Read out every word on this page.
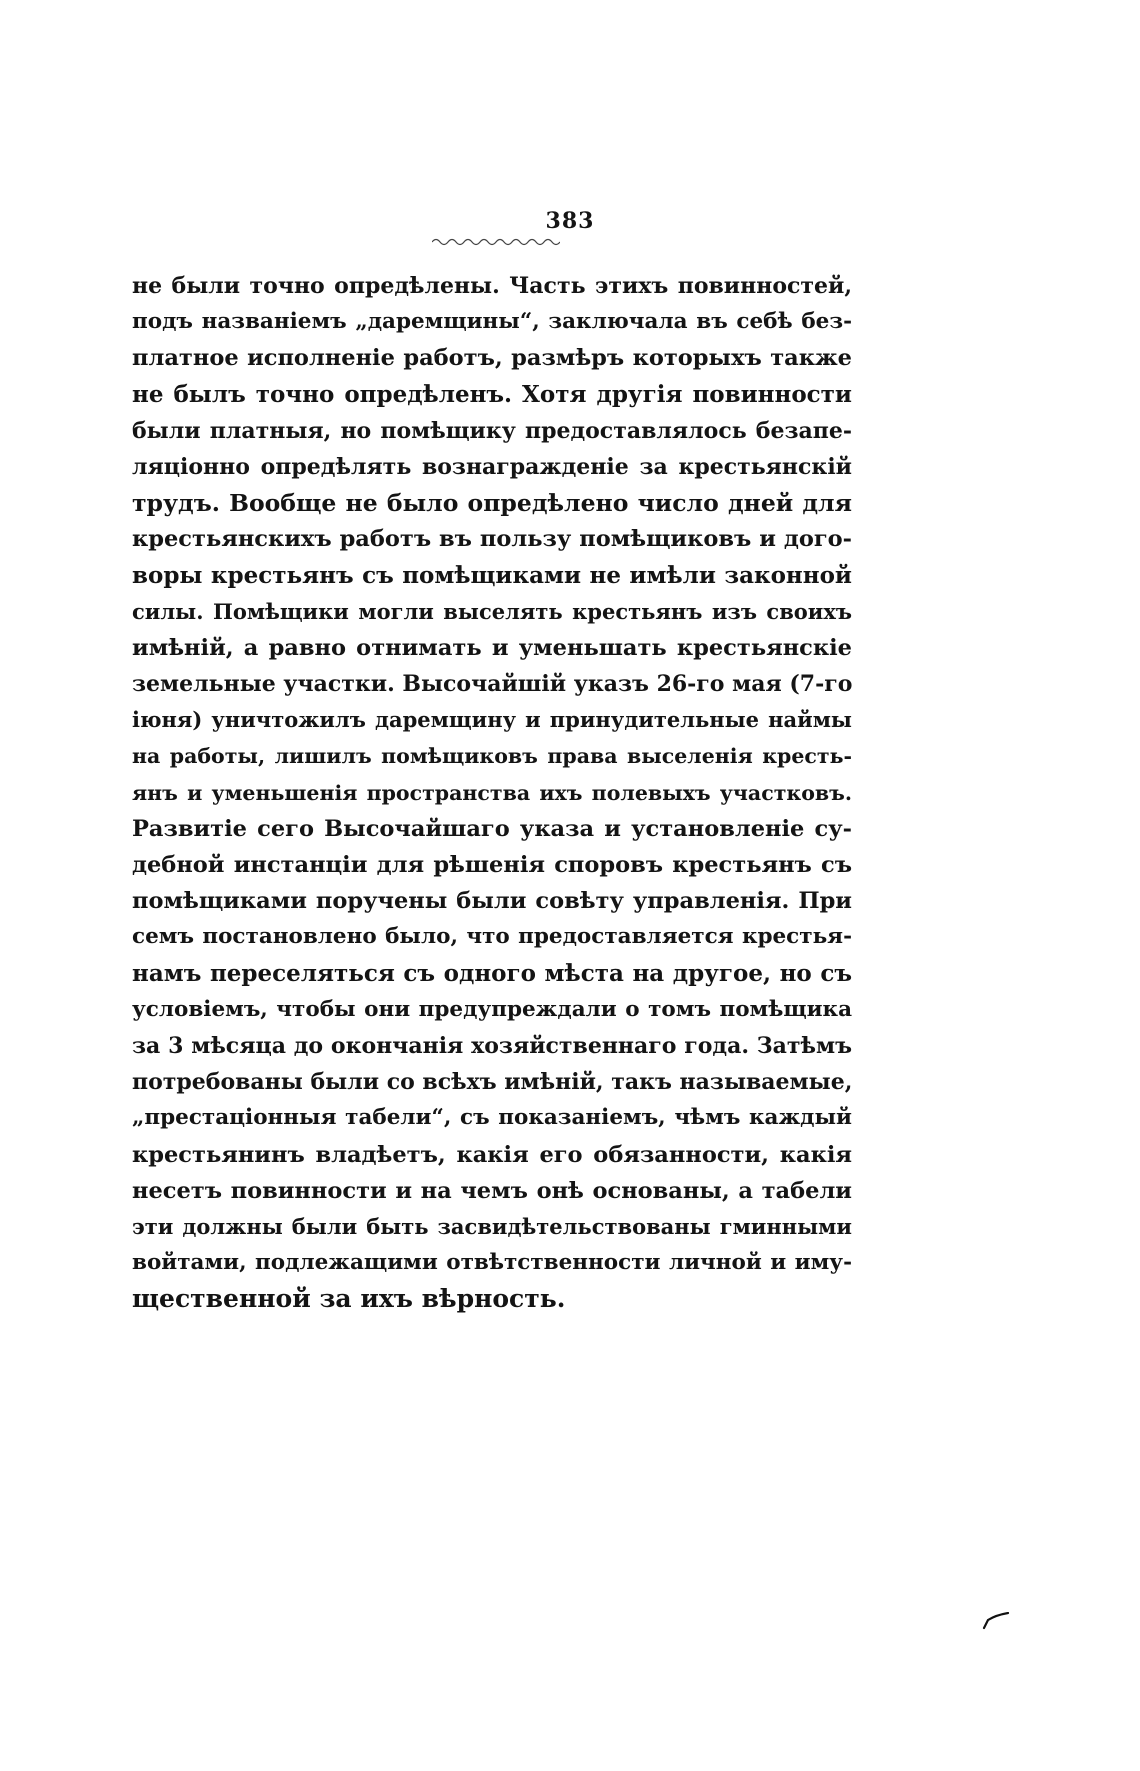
383
не были точно опредѣлены. Часть этихъ повинностей,
подъ названіемъ „даремщины“, заключала въ себѣ без-
платное исполненіе работъ, размѣръ которыхъ также
не былъ точно опредѣленъ. Хотя другія повинности
были платныя, но помѣщику предоставлялось безапе-
ляціонно опредѣлять вознагражденіе за крестьянскій
трудъ. Вообще не было опредѣлено число дней для
крестьянскихъ работъ въ пользу помѣщиковъ и дого-
воры крестьянъ съ помѣщиками не имѣли законной
силы. Помѣщики могли выселять крестьянъ изъ своихъ
имѣній, а равно отнимать и уменьшать крестьянскіе
земельные участки. Высочайшій указъ 26-го мая (7-го
іюня) уничтожилъ даремщину и принудительные наймы
на работы, лишилъ помѣщиковъ права выселенія кресть-
янъ и уменьшенія пространства ихъ полевыхъ участковъ.
Развитіе сего Высочайшаго указа и установленіе су-
дебной инстанціи для рѣшенія споровъ крестьянъ съ
помѣщиками поручены были совѣту управленія. При
семъ постановлено было, что предоставляется крестья-
намъ переселяться съ одного мѣста на другое, но съ
условіемъ, чтобы они предупреждали о томъ помѣщика
за 3 мѣсяца до окончанія хозяйственнаго года. Затѣмъ
потребованы были со всѣхъ имѣній, такъ называемые,
„престаціонныя табели“, съ показаніемъ, чѣмъ каждый
крестьянинъ владѣетъ, какія его обязанности, какія
несетъ повинности и на чемъ онѣ основаны, а табели
эти должны были быть засвидѣтельствованы гминными
войтами, подлежащими отвѣтственности личной и иму-
щественной за ихъ вѣрность.
